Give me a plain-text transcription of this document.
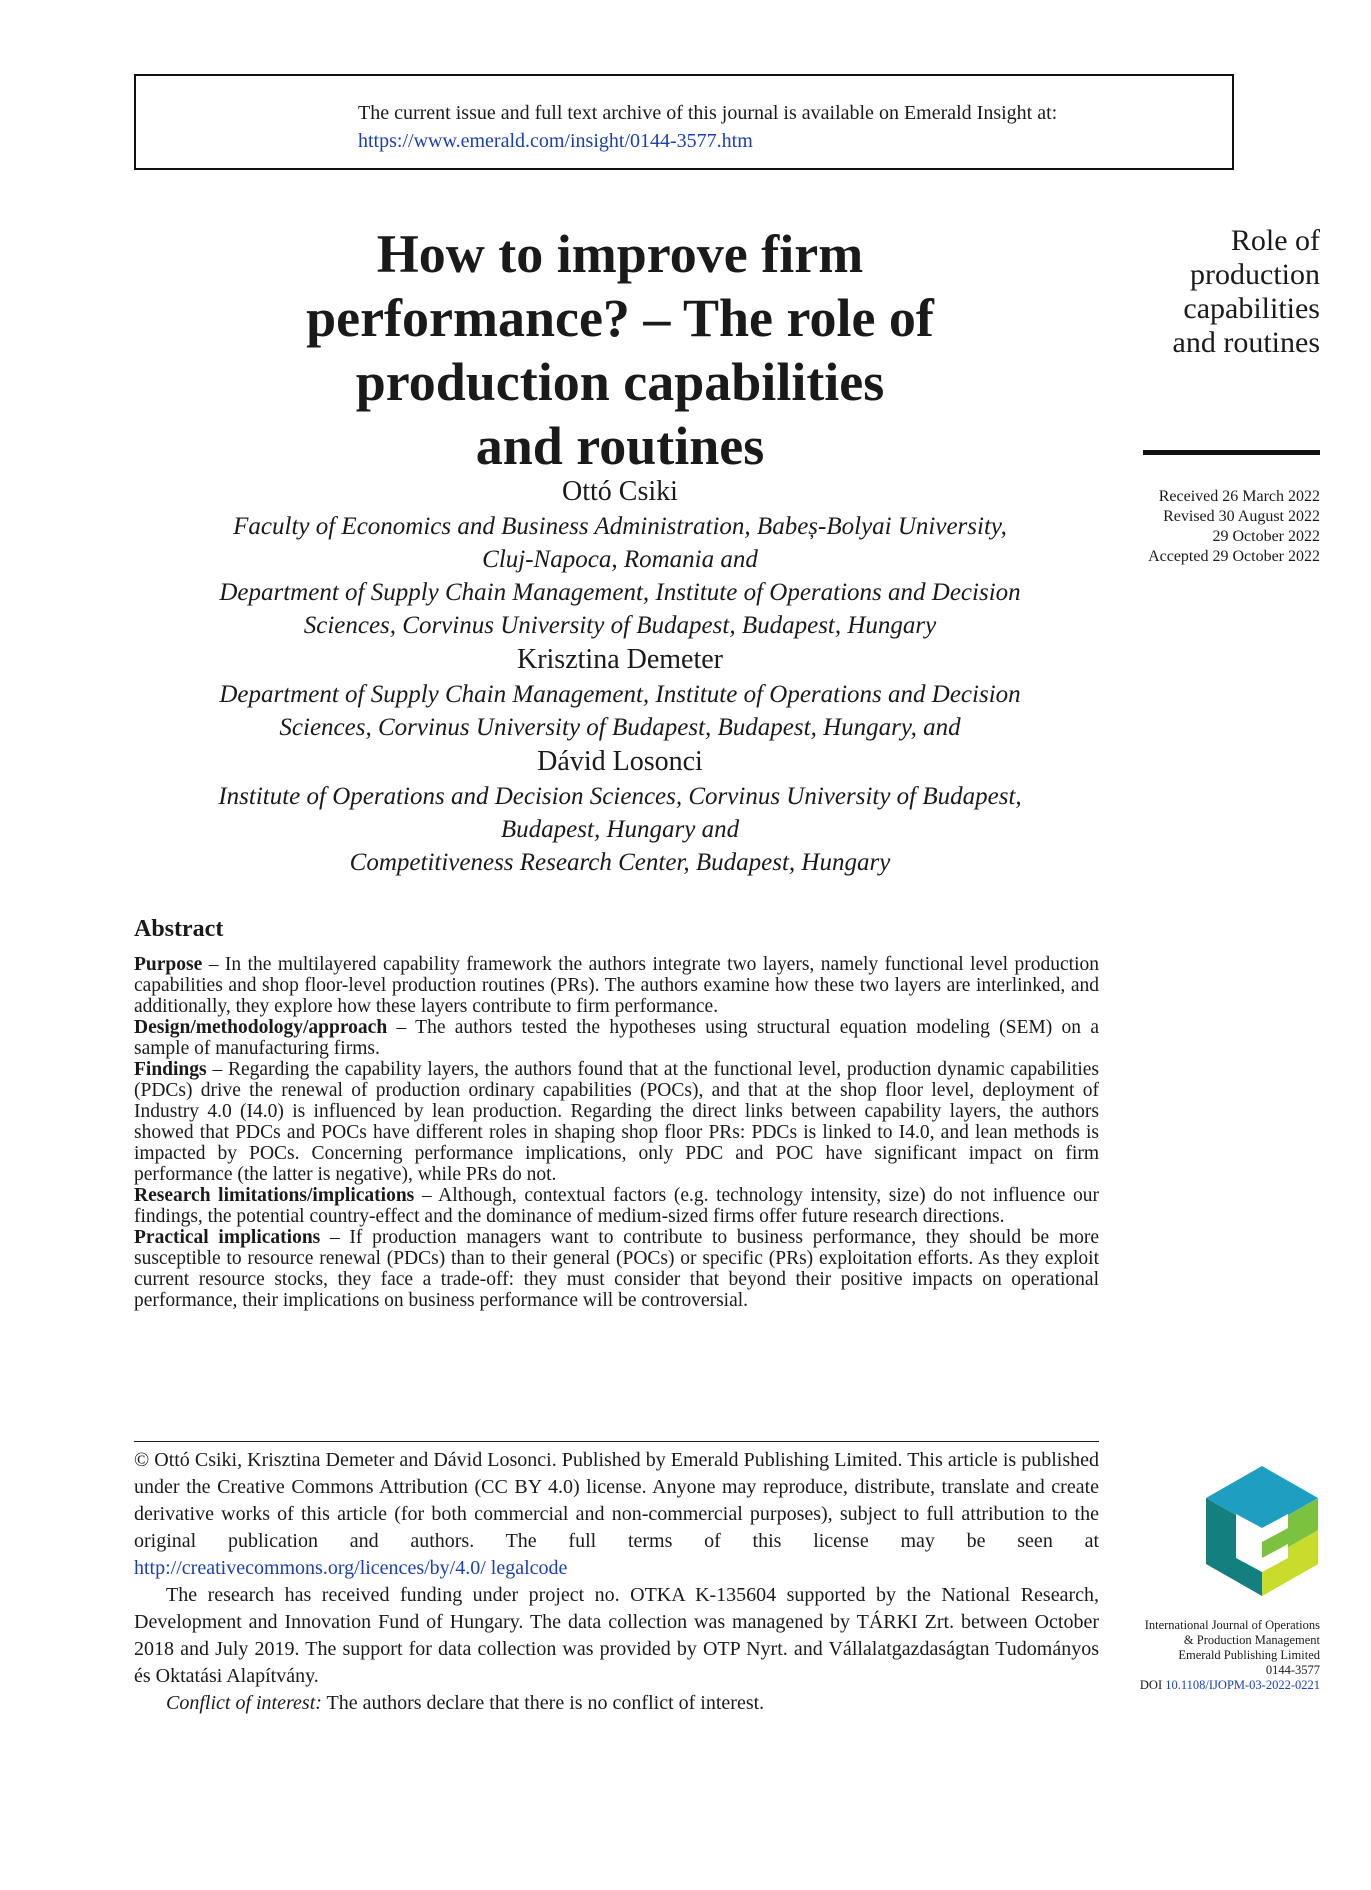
The current issue and full text archive of this journal is available on Emerald Insight at:
https://www.emerald.com/insight/0144-3577.htm
How to improve firm
performance? – The role of
production capabilities
and routines
Role of
production
capabilities
and routines
Received 26 March 2022
Revised 30 August 2022
29 October 2022
Accepted 29 October 2022
Ottó Csiki
Faculty of Economics and Business Administration, Babeș-Bolyai University,
Cluj-Napoca, Romania and
Department of Supply Chain Management, Institute of Operations and Decision
Sciences, Corvinus University of Budapest, Budapest, Hungary
Krisztina Demeter
Department of Supply Chain Management, Institute of Operations and Decision
Sciences, Corvinus University of Budapest, Budapest, Hungary, and
Dávid Losonci
Institute of Operations and Decision Sciences, Corvinus University of Budapest,
Budapest, Hungary and
Competitiveness Research Center, Budapest, Hungary
Abstract

Purpose – In the multilayered capability framework the authors integrate two layers, namely functional level production capabilities and shop floor-level production routines (PRs). The authors examine how these two layers are interlinked, and additionally, they explore how these layers contribute to firm performance.

Design/methodology/approach – The authors tested the hypotheses using structural equation modeling (SEM) on a sample of manufacturing firms.

Findings – Regarding the capability layers, the authors found that at the functional level, production dynamic capabilities (PDCs) drive the renewal of production ordinary capabilities (POCs), and that at the shop floor level, deployment of Industry 4.0 (I4.0) is influenced by lean production. Regarding the direct links between capability layers, the authors showed that PDCs and POCs have different roles in shaping shop floor PRs: PDCs is linked to I4.0, and lean methods is impacted by POCs. Concerning performance implications, only PDC and POC have significant impact on firm performance (the latter is negative), while PRs do not.

Research limitations/implications – Although, contextual factors (e.g. technology intensity, size) do not influence our findings, the potential country-effect and the dominance of medium-sized firms offer future research directions.

Practical implications – If production managers want to contribute to business performance, they should be more susceptible to resource renewal (PDCs) than to their general (POCs) or specific (PRs) exploitation efforts. As they exploit current resource stocks, they face a trade-off: they must consider that beyond their positive impacts on operational performance, their implications on business performance will be controversial.

© Ottó Csiki, Krisztina Demeter and Dávid Losonci. Published by Emerald Publishing Limited. This article is published under the Creative Commons Attribution (CC BY 4.0) license. Anyone may reproduce, distribute, translate and create derivative works of this article (for both commercial and non-commercial purposes), subject to full attribution to the original publication and authors. The full terms of this license may be seen at http://creativecommons.org/licences/by/4.0/ legalcode

The research has received funding under project no. OTKA K-135604 supported by the National Research, Development and Innovation Fund of Hungary. The data collection was managened by TÁRKI Zrt. between October 2018 and July 2019. The support for data collection was provided by OTP Nyrt. and Vállalatgazdaságtan Tudományos és Oktatási Alapítvány.

Conflict of interest: The authors declare that there is no conflict of interest.

International Journal of Operations
& Production Management
Emerald Publishing Limited
0144-3577
DOI 10.1108/IJOPM-03-2022-0221
